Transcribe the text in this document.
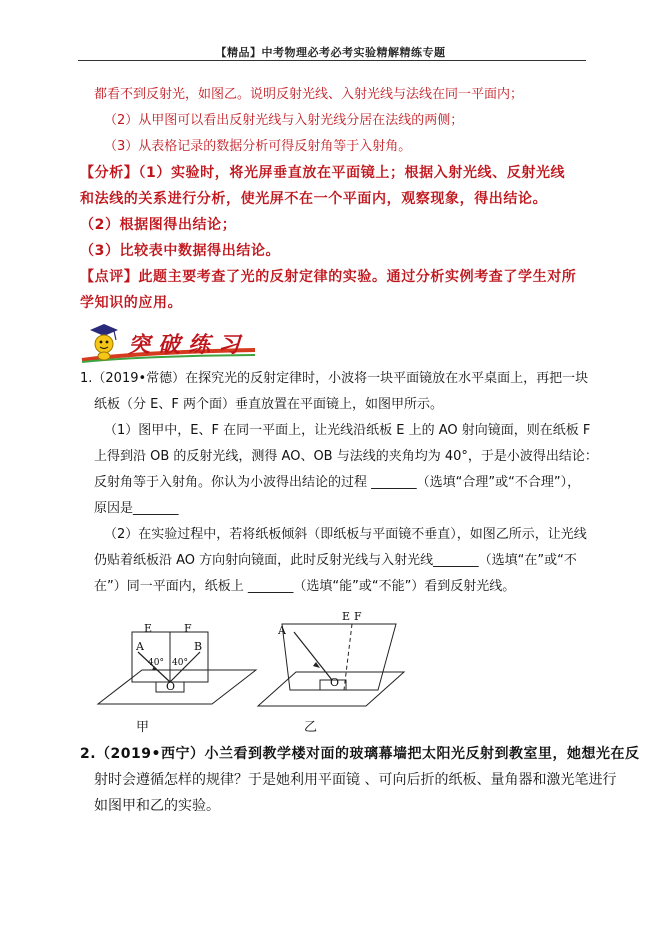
【精品】中考物理必考必考实验精解精练专题
都看不到反射光，如图乙。说明反射光线、入射光线与法线在同一平面内；
（2）从甲图可以看出反射光线与入射光线分居在法线的两侧；
（3）从表格记录的数据分析可得反射角等于入射角。
【分析】（1）实验时，将光屏垂直放在平面镜上；根据入射光线、反射光线
和法线的关系进行分析，使光屏不在一个平面内，观察现象，得出结论。
（2）根据图得出结论；
（3）比较表中数据得出结论。
【点评】此题主要考查了光的反射定律的实验。通过分析实例考查了学生对所
学知识的应用。
突破练习
1.（2019•常德）在探究光的反射定律时，小波将一块平面镜放在水平桌面上，再把一块
纸板（分 E、F 两个面）垂直放置在平面镜上，如图甲所示。
（1）图甲中，E、F 在同一平面上，让光线沿纸板 E 上的 AO 射向镜面，则在纸板 F
上得到沿 OB 的反射光线，测得 AO、OB 与法线的夹角均为 40°，于是小波得出结论：
反射角等于入射角。你认为小波得出结论的过程 _______（选填“合理”或“不合理”），
原因是_______
（2）在实验过程中，若将纸板倾斜（即纸板与平面镜不垂直），如图乙所示，让光线
仍贴着纸板沿 AO 方向射向镜面，此时反射光线与入射光线_______（选填“在”或“不
在”）同一平面内，纸板上 _______（选填“能”或“不能”）看到反射光线。
E	F
A	B
40° 40°
O
甲
E F
A
O
乙
2.（2019•西宁）小兰看到教学楼对面的玻璃幕墙把太阳光反射到教室里，她想光在反
射时会遵循怎样的规律？于是她利用平面镜 、可向后折的纸板、量角器和激光笔进行
如图甲和乙的实验。
